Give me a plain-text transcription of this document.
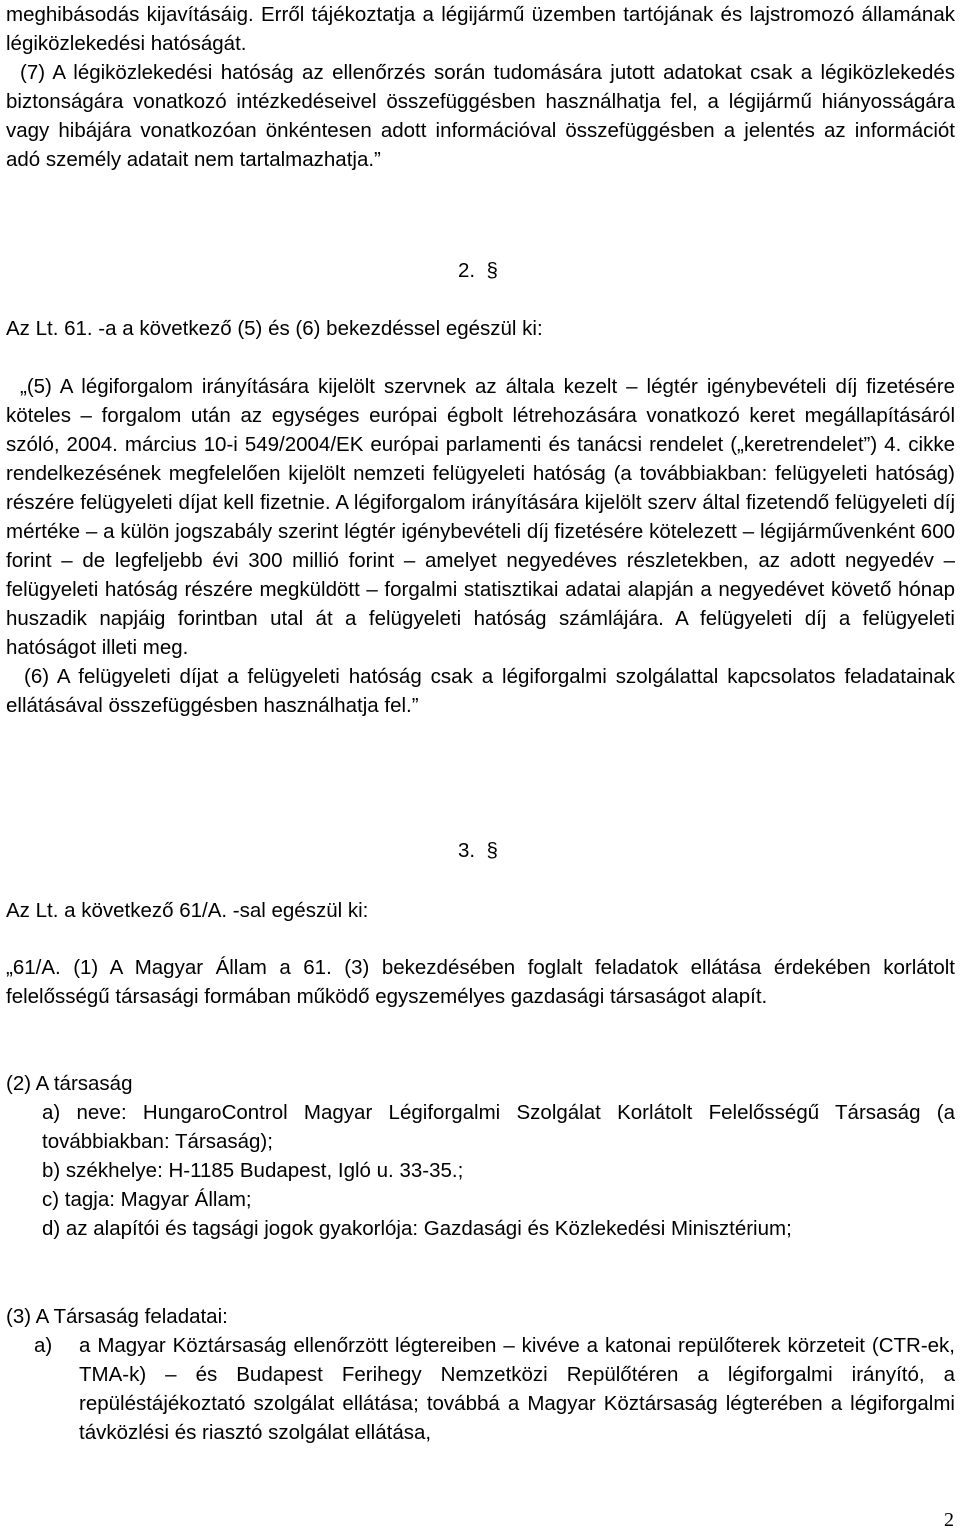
meghibásodás kijavításáig. Erről tájékoztatja a légijármű üzemben tartójának és lajstromozó államának légiközlekedési hatóságát.

(7) A légiközlekedési hatóság az ellenőrzés során tudomására jutott adatokat csak a légiközlekedés biztonságára vonatkozó intézkedéseivel összefüggésben használhatja fel, a légijármű hiányosságára vagy hibájára vonatkozóan önkéntesen adott információval összefüggésben a jelentés az információt adó személy adatait nem tartalmazhatja.”

2.  §

Az Lt. 61. -a a következő (5) és (6) bekezdéssel egészül ki:

„(5) A légiforgalom irányítására kijelölt szervnek az általa kezelt – légtér igénybevételi díj fizetésére köteles – forgalom után az egységes európai égbolt létrehozására vonatkozó keret megállapításáról szóló, 2004. március 10-i 549/2004/EK európai parlamenti és tanácsi rendelet („keretrendelet”) 4. cikke rendelkezésének megfelelően kijelölt nemzeti felügyeleti hatóság (a továbbiakban: felügyeleti hatóság) részére felügyeleti díjat kell fizetnie. A légiforgalom irányítására kijelölt szerv által fizetendő felügyeleti díj mértéke – a külön jogszabály szerint légtér igénybevételi díj fizetésére kötelezett – légijárművenként 600 forint – de legfeljebb évi 300 millió forint – amelyet negyedéves részletekben, az adott negyedév – felügyeleti hatóság részére megküldött – forgalmi statisztikai adatai alapján a negyedévet követő hónap huszadik napjáig forintban utal át a felügyeleti hatóság számlájára. A felügyeleti díj a felügyeleti hatóságot illeti meg.

(6) A felügyeleti díjat a felügyeleti hatóság csak a légiforgalmi szolgálattal kapcsolatos feladatainak ellátásával összefüggésben használhatja fel.”

3.  §

Az Lt. a következő 61/A. -sal egészül ki:

„61/A. (1) A Magyar Állam a 61. (3) bekezdésében foglalt feladatok ellátása érdekében korlátolt felelősségű társasági formában működő egyszemélyes gazdasági társaságot alapít.

(2) A társaság

a) neve: HungaroControl Magyar Légiforgalmi Szolgálat Korlátolt Felelősségű Társaság (a továbbiakban: Társaság);

b) székhelye: H-1185 Budapest, Igló u. 33-35.;

c) tagja: Magyar Állam;

d) az alapítói és tagsági jogok gyakorlója: Gazdasági és Közlekedési Minisztérium;

(3) A Társaság feladatai:

a)	a Magyar Köztársaság ellenőrzött légtereiben – kivéve a katonai repülőterek körzeteit (CTR-ek, TMA-k) – és Budapest Ferihegy Nemzetközi Repülőtéren a légiforgalmi irányító, a repüléstájékoztató szolgálat ellátása; továbbá a Magyar Köztársaság légterében a légiforgalmi távközlési és riasztó szolgálat ellátása,

2
